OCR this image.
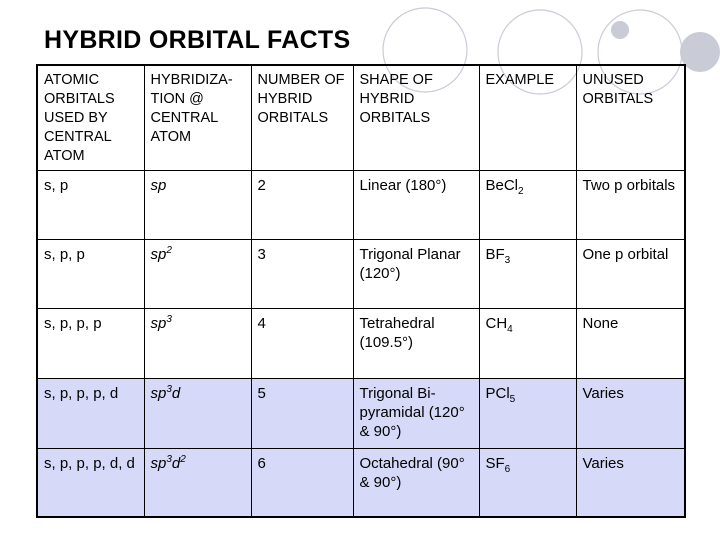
HYBRID ORBITAL FACTS
ATOMIC ORBITALS USED BY CENTRAL ATOM	HYBRIDIZA-TION @ CENTRAL ATOM	NUMBER OF HYBRID ORBITALS	SHAPE OF HYBRID ORBITALS	EXAMPLE	UNUSED ORBITALS
s, p	sp	2	Linear (180°)	BeCl$_2$	Two p orbitals
s, p, p	$sp^2$	3	Trigonal Planar (120°)	$BF_3$	One p orbital
s, p, p, p	$sp^3$	4	Tetrahedral (109.5°)	$CH_4$	None
s, p, p, p, d	$sp^3d$	5	Trigonal Bi-pyramidal (120° & 90°)	PCl$_5$	Varies
s, p, p, p, d, d	$sp^3d^2$	6	Octahedral (90° & 90°)	$SF_6$	Varies
